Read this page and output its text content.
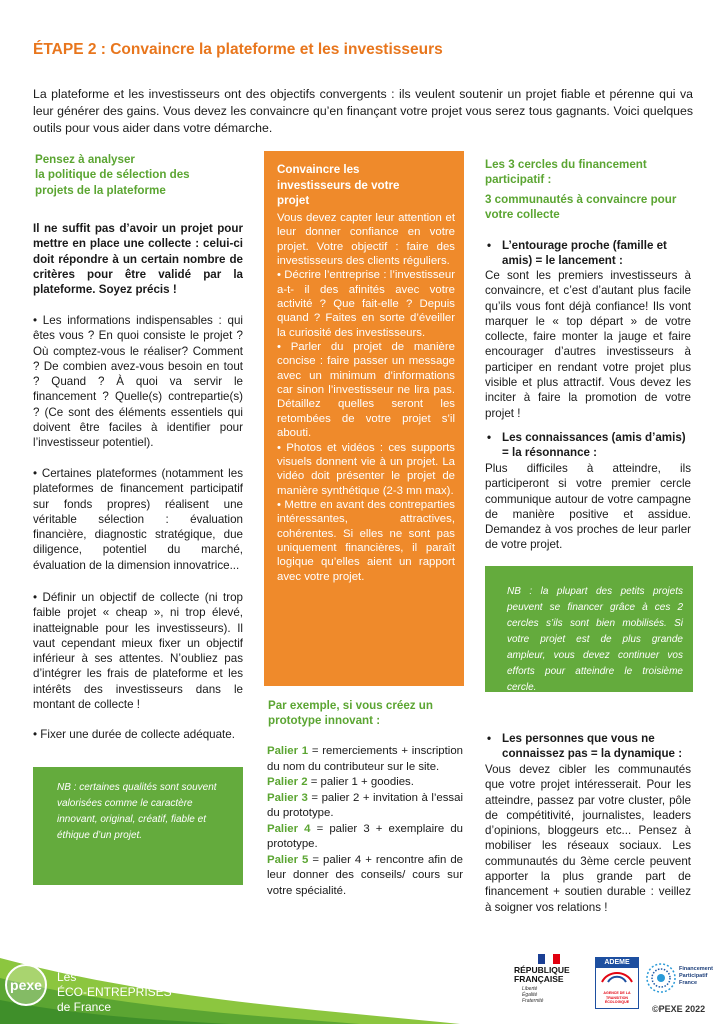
ÉTAPE 2 : Convaincre la plateforme et les investisseurs

La plateforme et les investisseurs ont des objectifs convergents : ils veulent soutenir un projet fiable et pérenne qui va leur générer des gains. Vous devez les convaincre qu’en finançant votre projet vous serez tous gagnants. Voici quelques outils pour vous aider dans votre démarche.

Pensez à analyser
la politique de sélection des
projets de la plateforme

Il ne suffit pas d’avoir un projet pour mettre en place une collecte : celui-ci doit répondre à un certain nombre de critères pour être validé par la plateforme. Soyez précis !

• Les informations indispensables : qui êtes vous ? En quoi consiste le projet ? Où comptez-vous le réaliser? Comment ? De combien avez-vous besoin en tout ? Quand ? À quoi va servir le financement ? Quelle(s) contrepartie(s) ? (Ce sont des éléments essentiels qui doivent être faciles à identifier pour l’investisseur potentiel).

• Certaines plateformes (notamment les plateformes de financement participatif sur fonds propres) réalisent une véritable sélection : évaluation financière, diagnostic stratégique, due diligence, potentiel du marché, évaluation de la dimension innovatrice...

• Définir un objectif de collecte (ni trop faible projet « cheap », ni trop élevé, inatteignable pour les investisseurs). Il vaut cependant mieux fixer un objectif inférieur à ses attentes. N’oubliez pas d’intégrer les frais de plateforme et les intérêts des investisseurs dans le montant de collecte !

• Fixer une durée de collecte adéquate.

NB : certaines qualités sont souvent valorisées comme le caractère innovant, original, créatif, fiable et éthique d’un projet.

Convaincre les investisseurs de votre projet

Vous devez capter leur attention et leur donner confiance en votre projet. Votre objectif : faire des investisseurs des clients réguliers.

• Décrire l’entreprise : l’investisseur a-t- il des afinités avec votre activité ? Que fait-elle ? Depuis quand ? Faites en sorte d’éveiller la curiosité des investisseurs.

• Parler du projet de manière concise : faire passer un message avec un minimum d’informations car sinon l’investisseur ne lira pas. Détaillez quelles seront les retombées de votre projet s’il abouti.

• Photos et vidéos : ces supports visuels donnent vie à un projet. La vidéo doit présenter le projet de manière synthétique (2-3 mn max).

• Mettre en avant des contreparties intéressantes, attractives, cohérentes. Si elles ne sont pas uniquement financières, il paraît logique qu’elles aient un rapport avec votre projet.

Par exemple, si vous créez un prototype innovant :

Palier 1 = remerciements + inscription du nom du contributeur sur le site.

Palier 2 = palier 1 + goodies.

Palier 3 = palier 2 + invitation à l’essai du prototype.

Palier 4 = palier 3 + exemplaire du prototype.

Palier 5 = palier 4 + rencontre afin de leur donner des conseils/ cours sur votre spécialité.

Les 3 cercles du financement participatif :

3 communautés à convaincre pour votre collecte

• L’entourage proche (famille et amis) = le lancement :

Ce sont les premiers investisseurs à convaincre, et c’est d’autant plus facile qu’ils vous font déjà confiance! Ils vont marquer le « top départ » de votre collecte, faire monter la jauge et faire encourager d’autres investisseurs à participer en rendant votre projet plus visible et plus attractif. Vous devez les inciter à faire la promotion de votre projet !

• Les connaissances (amis d’amis) = la résonnance :

Plus difficiles à atteindre, ils participeront si votre premier cercle communique autour de votre campagne de manière positive et assidue. Demandez à vos proches de leur parler de votre projet.

NB : la plupart des petits projets peuvent se financer grâce à ces 2 cercles s’ils sont bien mobilisés. Si votre projet est de plus grande ampleur, vous devez continuer vos efforts pour atteindre le troisième cercle.

• Les personnes que vous ne connaissez pas = la dynamique :

Vous devez cibler les communautés que votre projet intéresserait. Pour les atteindre, passez par votre cluster, pôle de compétitivité, journalistes, leaders d’opinions, bloggeurs etc... Pensez à mobiliser les réseaux sociaux. Les communautés du 3ème cercle peuvent apporter la plus grande part de financement + soutien durable : veillez à soigner vos relations !

pexe Les
ÉCO-ENTREPRISES
de France
RÉPUBLIQUE
FRANÇAISE
Liberté
Égalité
Fraternité
ADEME
AGENCE DE LA TRANSITION ÉCOLOGIQUE
Financement
Participatif
France
©PEXE 2022
